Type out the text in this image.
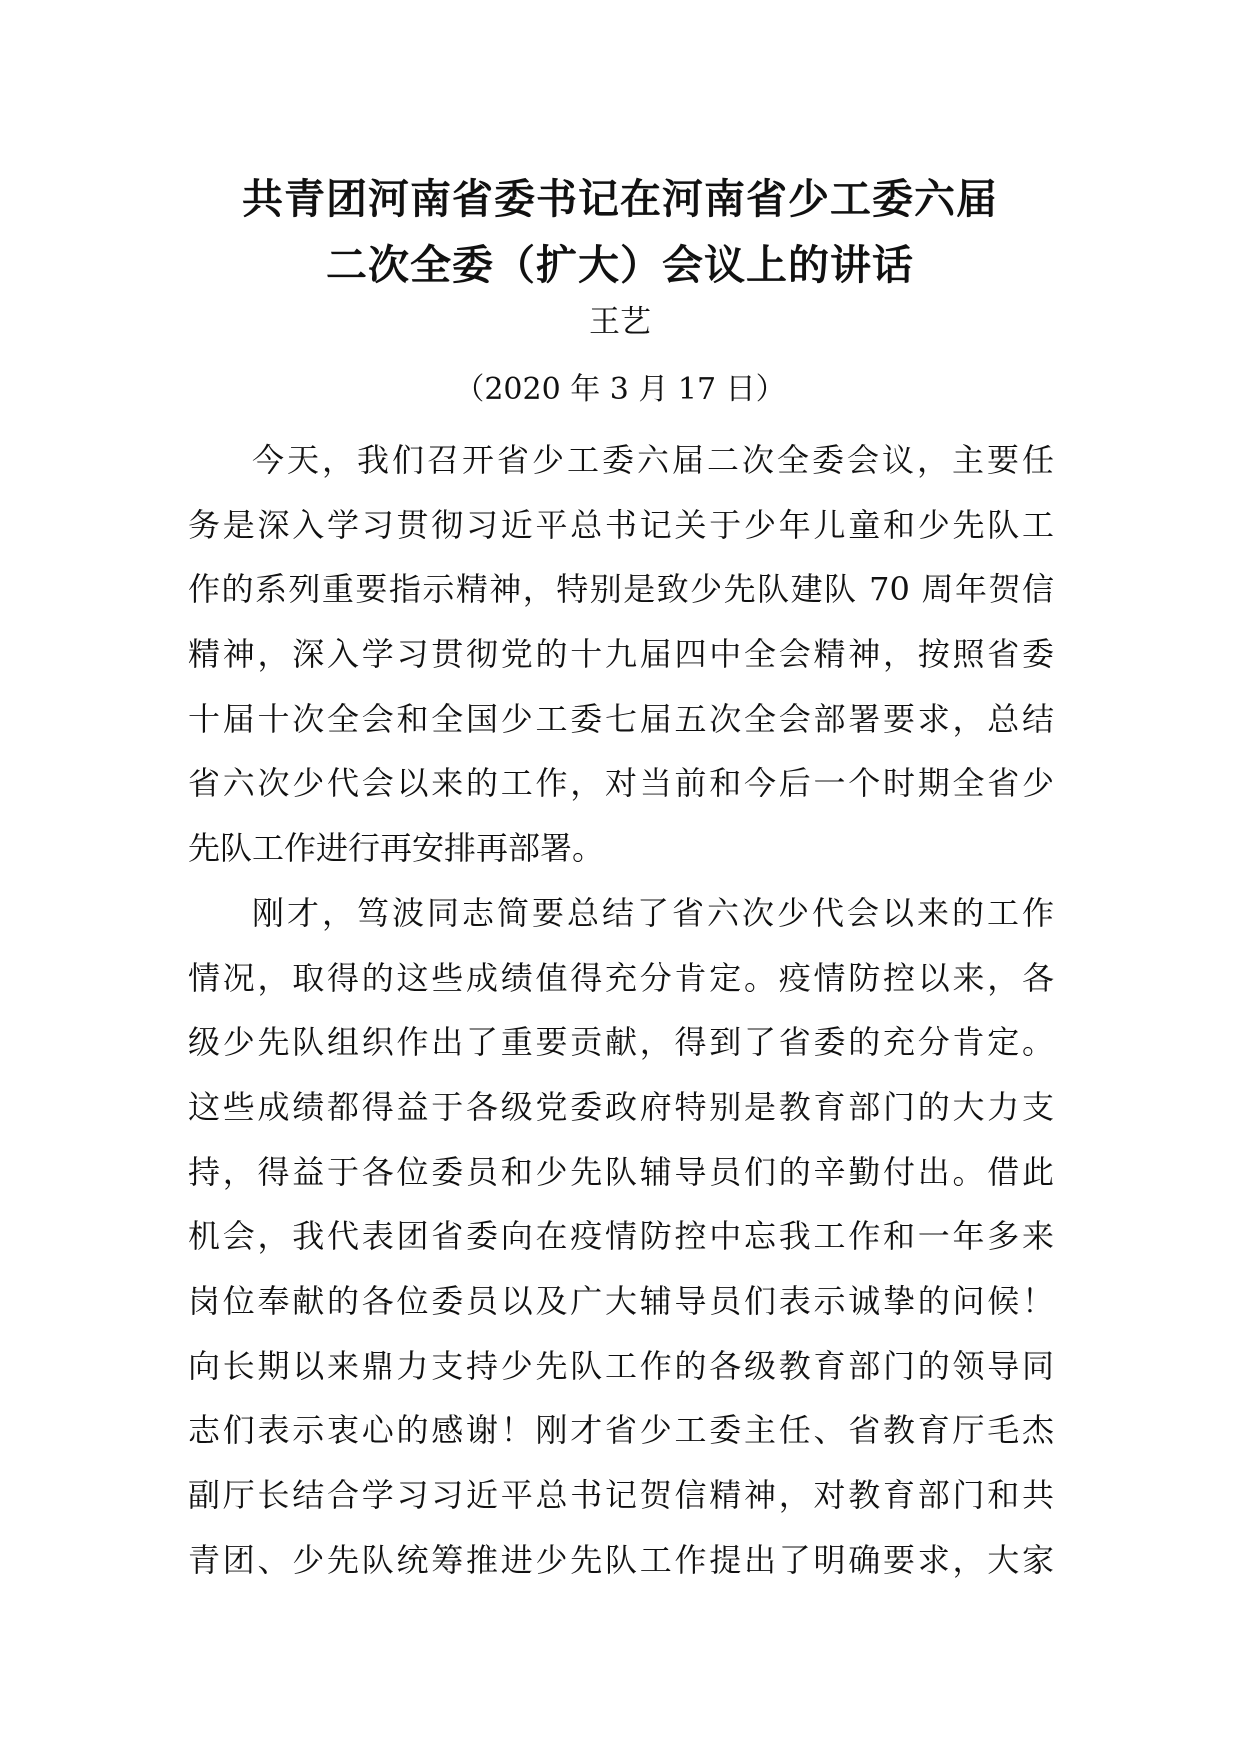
共青团河南省委书记在河南省少工委六届
二次全委（扩大）会议上的讲话
王艺
（2020 年 3 月 17 日）
今天，我们召开省少工委六届二次全委会议，主要任
务是深入学习贯彻习近平总书记关于少年儿童和少先队工
作的系列重要指示精神，特别是致少先队建队 70 周年贺信
精神，深入学习贯彻党的十九届四中全会精神，按照省委
十届十次全会和全国少工委七届五次全会部署要求，总结
省六次少代会以来的工作，对当前和今后一个时期全省少
先队工作进行再安排再部署。
刚才，笃波同志简要总结了省六次少代会以来的工作
情况，取得的这些成绩值得充分肯定。疫情防控以来，各
级少先队组织作出了重要贡献，得到了省委的充分肯定。
这些成绩都得益于各级党委政府特别是教育部门的大力支
持，得益于各位委员和少先队辅导员们的辛勤付出。借此
机会，我代表团省委向在疫情防控中忘我工作和一年多来
岗位奉献的各位委员以及广大辅导员们表示诚挚的问候！
向长期以来鼎力支持少先队工作的各级教育部门的领导同
志们表示衷心的感谢！刚才省少工委主任、省教育厅毛杰
副厅长结合学习习近平总书记贺信精神，对教育部门和共
青团、少先队统筹推进少先队工作提出了明确要求，大家
